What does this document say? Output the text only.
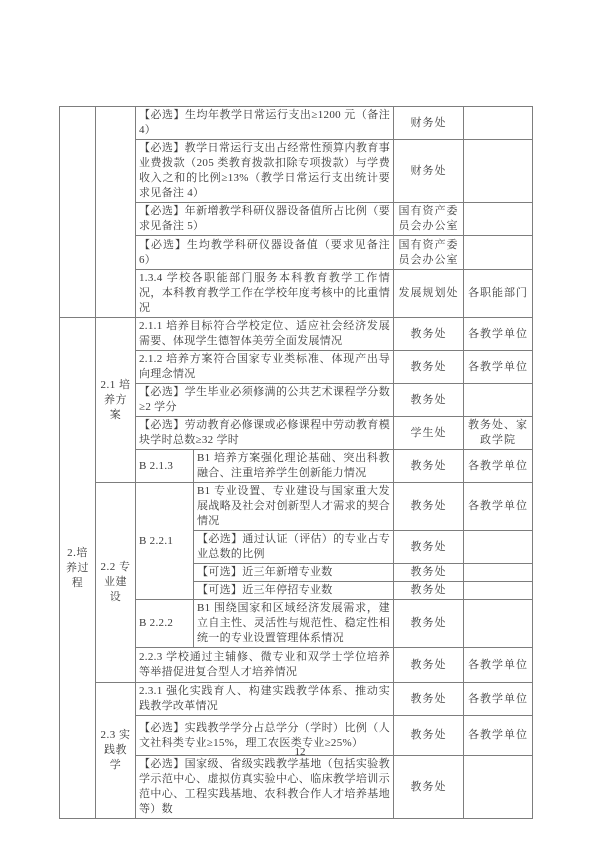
		【必选】生均年教学日常运行支出≥1200 元（备注 4）		财务处	
		【必选】教学日常运行支出占经常性预算内教育事业费拨款（205 类教育拨款扣除专项拨款）与学费收入之和的比例≥13%（教学日常运行支出统计要求见备注 4）		财务处	
		【必选】年新增教学科研仪器设备值所占比例（要求见备注 5）		国有资产委员会办公室	
		【必选】生均教学科研仪器设备值（要求见备注 6）		国有资产委员会办公室	
		1.3.4 学校各职能部门服务本科教育教学工作情况，本科教育教学工作在学校年度考核中的比重情况		发展规划处	各职能部门
2.培养过程	2.1 培养方案	2.1.1 培养目标符合学校定位、适应社会经济发展需要、体现学生德智体美劳全面发展情况		教务处	各教学单位
		2.1.2 培养方案符合国家专业类标准、体现产出导向理念情况		教务处	各教学单位
		【必选】学生毕业必须修满的公共艺术课程学分数≥2 学分		教务处	
		【必选】劳动教育必修课或必修课程中劳动教育模块学时总数≥32 学时		学生处	教务处、家政学院
		B 2.1.3	B1 培养方案强化理论基础、突出科教融合、注重培养学生创新能力情况	教务处	各教学单位
	2.2 专业建设	B 2.2.1	B1 专业设置、专业建设与国家重大发展战略及社会对创新型人才需求的契合情况	教务处	各教学单位
			【必选】通过认证（评估）的专业占专业总数的比例	教务处	
			【可选】近三年新增专业数	教务处	
			【可选】近三年停招专业数	教务处	
		B 2.2.2	B1 围绕国家和区域经济发展需求，建立自主性、灵活性与规范性、稳定性相统一的专业设置管理体系情况	教务处	
		2.2.3 学校通过主辅修、微专业和双学士学位培养等举措促进复合型人才培养情况		教务处	各教学单位
	2.3 实践教学	2.3.1 强化实践育人、构建实践教学体系、推动实践教学改革情况		教务处	各教学单位
		【必选】实践教学学分占总学分（学时）比例（人文社科类专业≥15%，理工农医类专业≥25%）		教务处	各教学单位
		【必选】国家级、省级实践教学基地（包括实验教学示范中心、虚拟仿真实验中心、临床教学培训示范中心、工程实践基地、农科教合作人才培养基地等）数		教务处	
12
